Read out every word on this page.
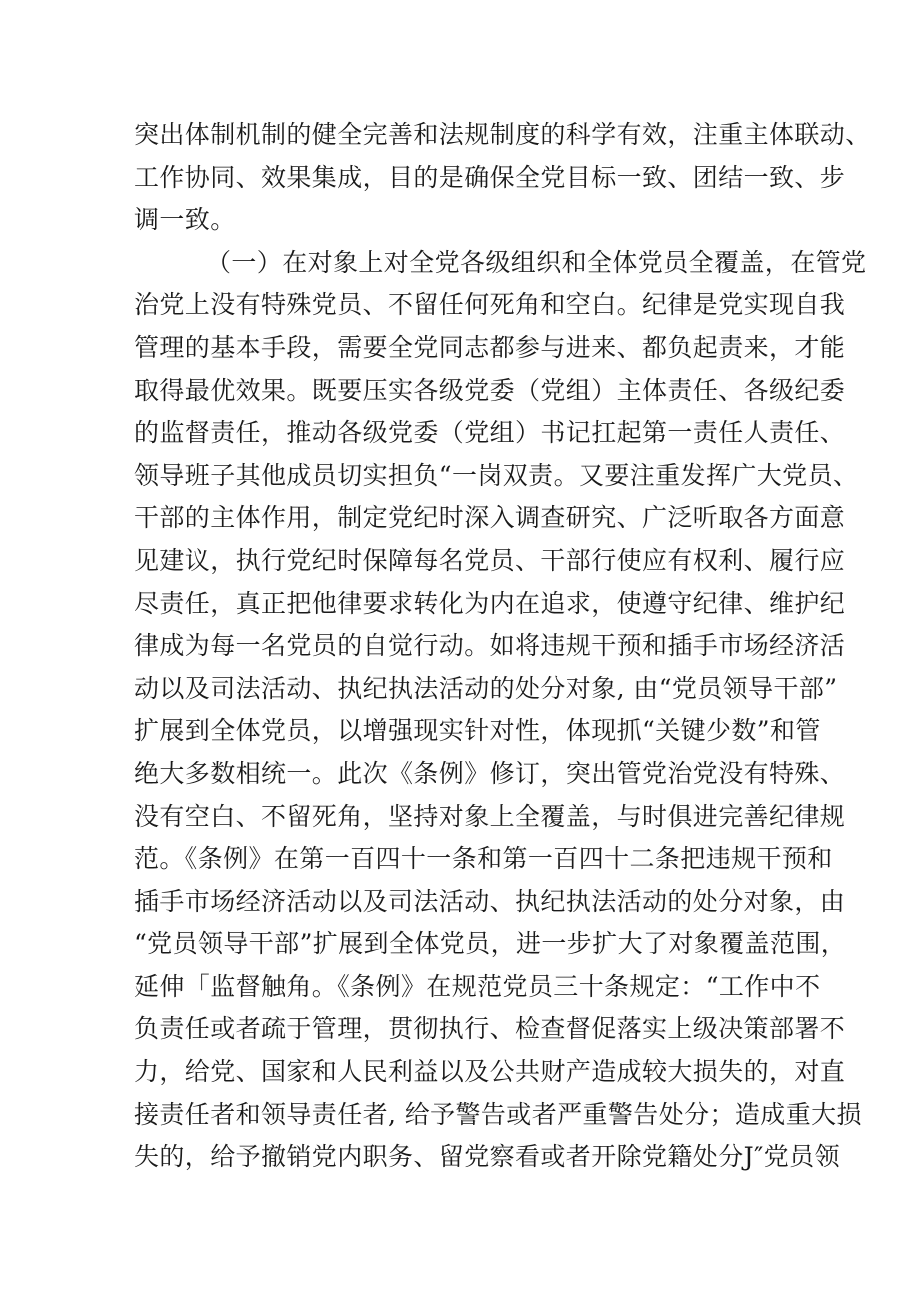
突出体制机制的健全完善和法规制度的科学有效，注重主体联动、
工作协同、效果集成，目的是确保全党目标一致、团结一致、步
调一致。
（一）在对象上对全党各级组织和全体党员全覆盖，在管党
治党上没有特殊党员、不留任何死角和空白。纪律是党实现自我
管理的基本手段，需要全党同志都参与进来、都负起责来，才能
取得最优效果。既要压实各级党委（党组）主体责任、各级纪委
的监督责任，推动各级党委（党组）书记扛起第一责任人责任、
领导班子其他成员切实担负“一岗双责。又要注重发挥广大党员、
干部的主体作用，制定党纪时深入调查研究、广泛听取各方面意
见建议，执行党纪时保障每名党员、干部行使应有权利、履行应
尽责任，真正把他律要求转化为内在追求，使遵守纪律、维护纪
律成为每一名党员的自觉行动。如将违规干预和插手市场经济活
动以及司法活动、执纪执法活动的处分对象, 由“党员领导干部”
扩展到全体党员，以增强现实针对性，体现抓“关键少数”和管
绝大多数相统一。此次《条例》修订，突出管党治党没有特殊、
没有空白、不留死角，坚持对象上全覆盖，与时俱进完善纪律规
范。《条例》在第一百四十一条和第一百四十二条把违规干预和
插手市场经济活动以及司法活动、执纪执法活动的处分对象，由
“党员领导干部”扩展到全体党员，进一步扩大了对象覆盖范围，
延伸「监督触角。《条例》在规范党员三十条规定：“工作中不
负责任或者疏于管理，贯彻执行、检查督促落实上级决策部署不
力，给党、国家和人民利益以及公共财产造成较大损失的，对直
接责任者和领导责任者, 给予警告或者严重警告处分；造成重大损
失的，给予撤销党内职务、留党察看或者开除党籍处分J″党员领
